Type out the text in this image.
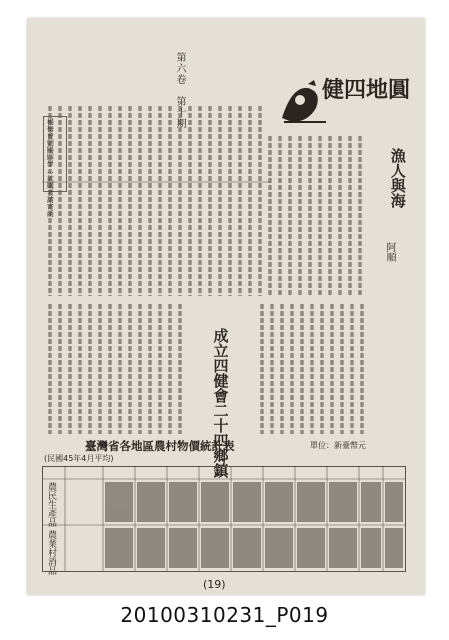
第六卷　第十期	健四地圓
漁人與海
阿順
成立四健會二十四鄉鎮
楊梅會朝陽四學…欲購者請寄函
臺灣省各地區農村物價統計表	單位：新臺幣元
(民國45年4月平均)
農民生產品
農業村消品
(19)
20100310231_P019
